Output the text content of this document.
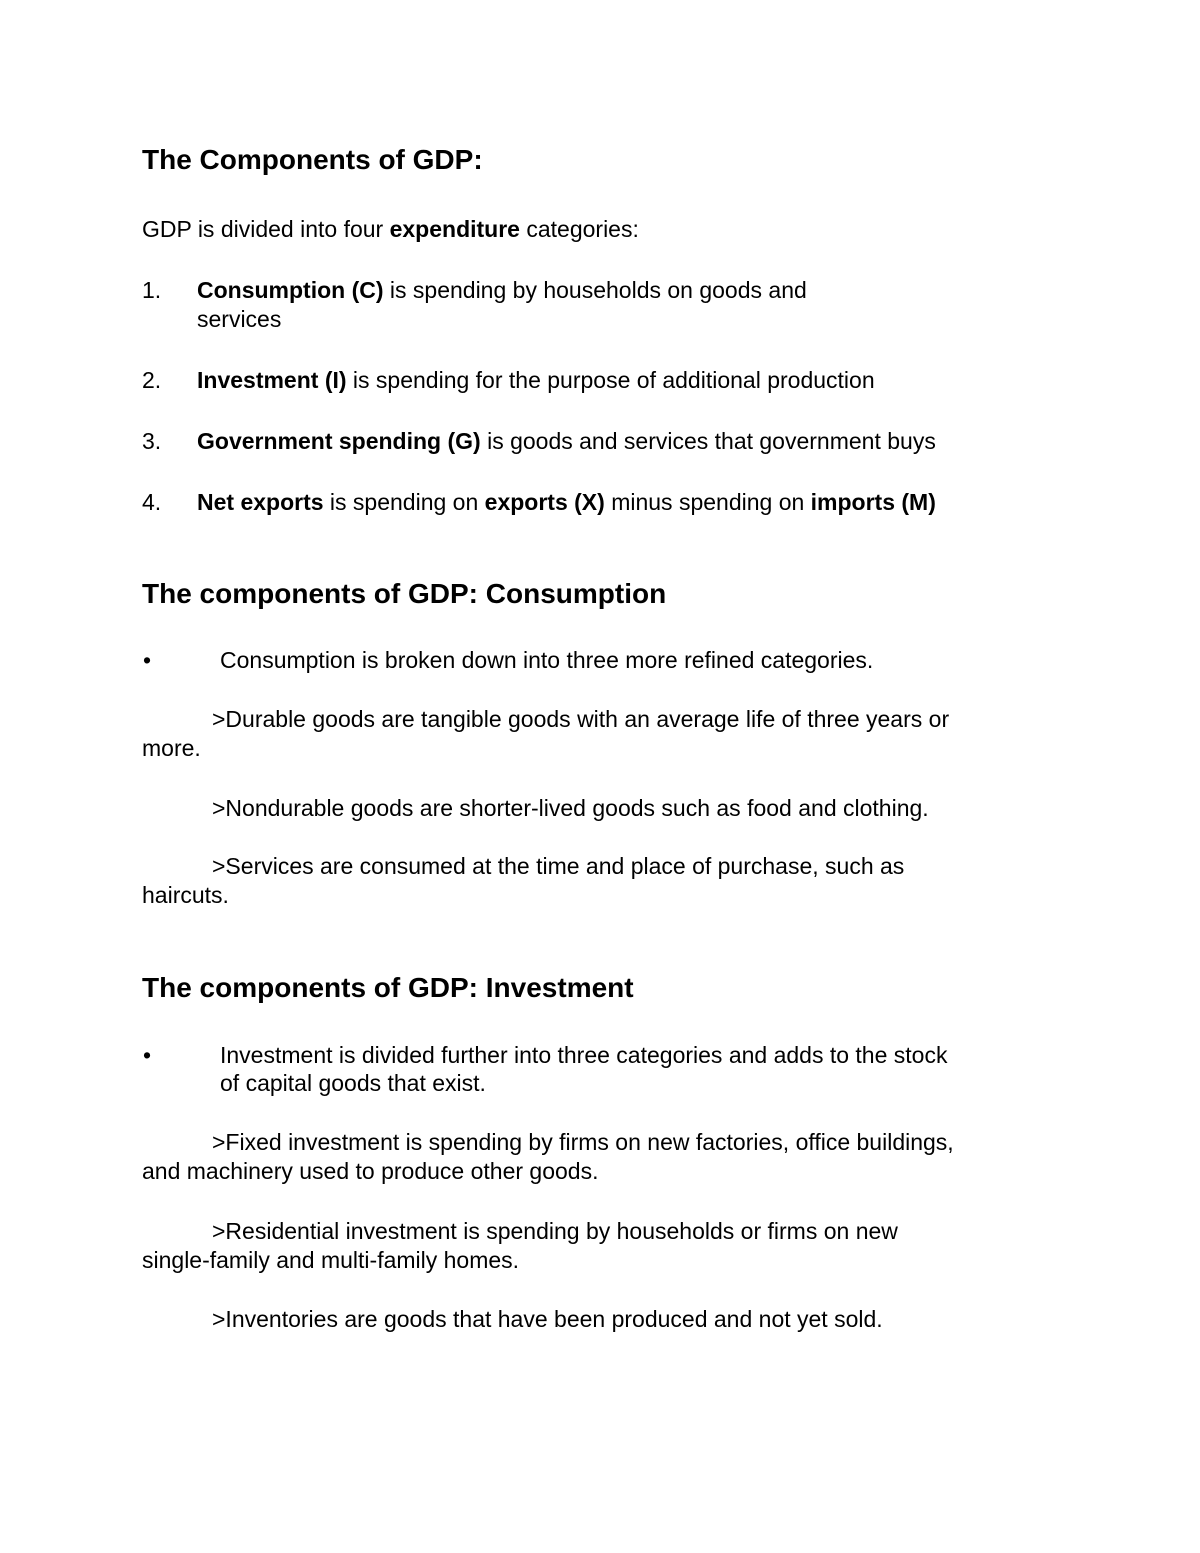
The Components of GDP:
GDP is divided into four expenditure categories:
1. Consumption (C) is spending by households on goods and
services
2. Investment (I) is spending for the purpose of additional production
3. Government spending (G) is goods and services that government buys
4. Net exports is spending on exports (X) minus spending on imports (M)
The components of GDP: Consumption
•	Consumption is broken down into three more refined categories.
>Durable goods are tangible goods with an average life of three years or
more.
>Nondurable goods are shorter-lived goods such as food and clothing.
>Services are consumed at the time and place of purchase, such as
haircuts.
The components of GDP: Investment
•	Investment is divided further into three categories and adds to the stock
of capital goods that exist.
>Fixed investment is spending by firms on new factories, office buildings,
and machinery used to produce other goods.
>Residential investment is spending by households or firms on new
single-family and multi-family homes.
>Inventories are goods that have been produced and not yet sold.
